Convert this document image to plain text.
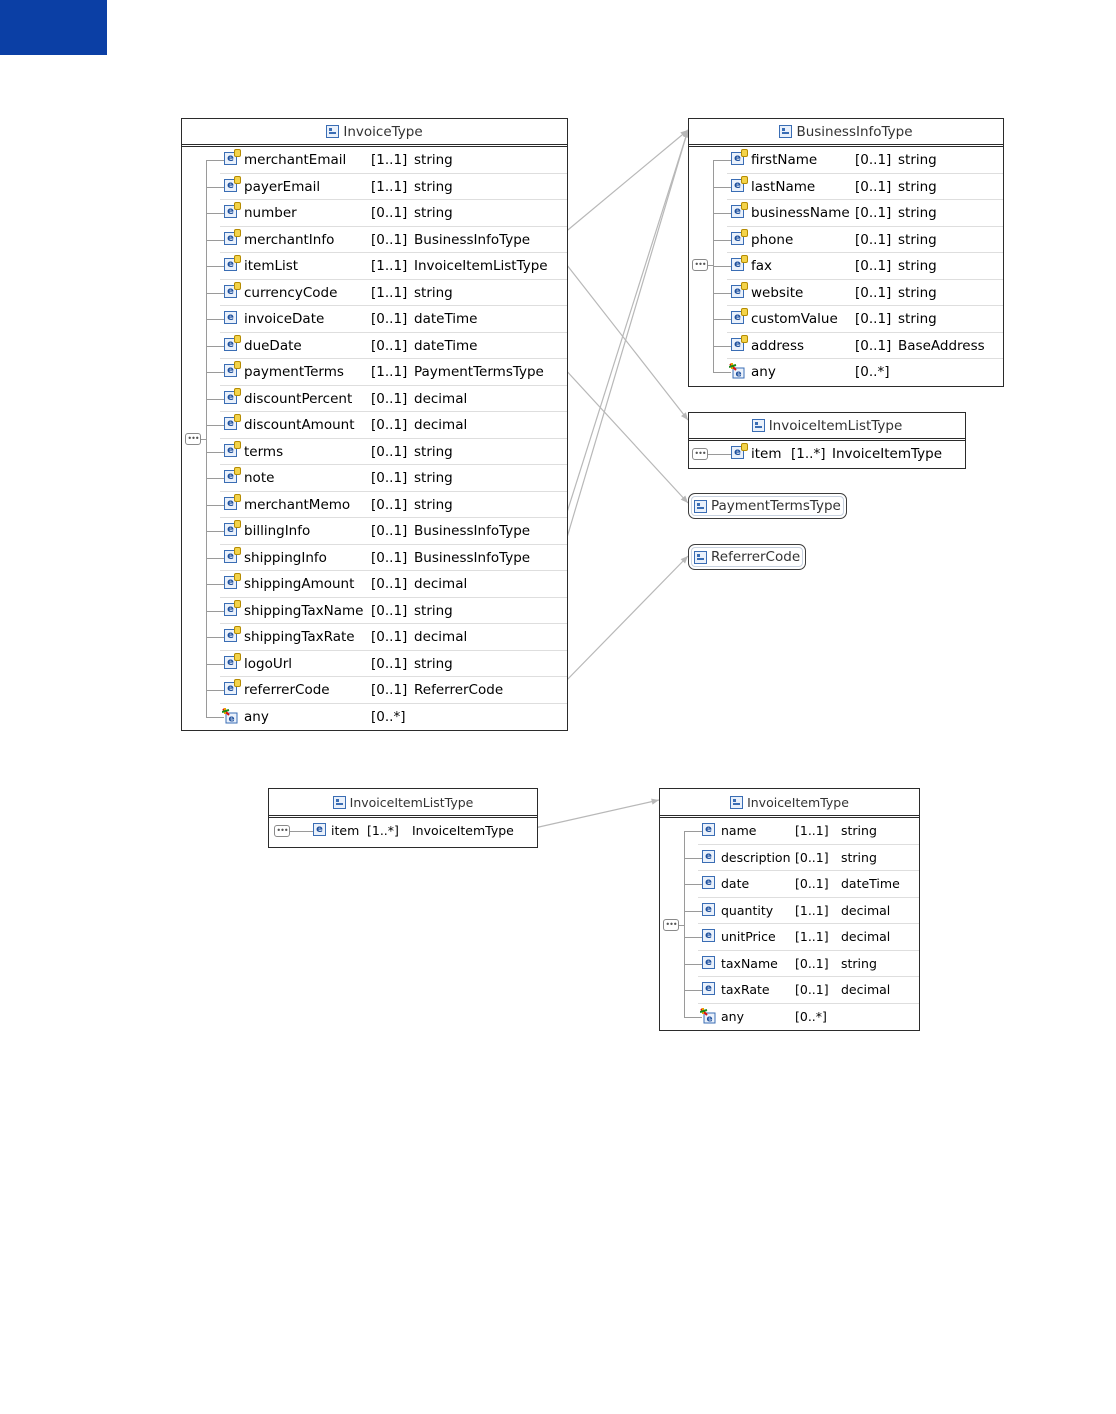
InvoiceType
e merchantEmail [1..1] string
e payerEmail	[1..1] string
e number	[0..1] string
e merchantInfo	[0..1] BusinessInfoType
e itemList	[1..1] InvoiceItemListType
e currencyCode [1..1] string
e invoiceDate	[0..1] dateTime
e dueDate	[0..1] dateTime
e paymentTerms [1..1] PaymentTermsType
e discountPercent [0..1] decimal
e discountAmount [0..1] decimal
e terms	[0..1] string
e note	[0..1] string
e merchantMemo [0..1] string
e billingInfo	[0..1] BusinessInfoType
e shippingInfo	[0..1] BusinessInfoType
e shippingAmount [0..1] decimal
e shippingTaxName [0..1] string
e shippingTaxRate [0..1] decimal
e logoUrl	[0..1] string
e referrerCode	[0..1] ReferrerCode
e any	[0..*]
•••
BusinessInfoType
e firstName	[0..1] string
e lastName	[0..1] string
e businessName [0..1] string
e phone	[0..1] string
e fax	[0..1] string
e website	[0..1] string
e customValue [0..1] string
e address	[0..1] BaseAddress
e any	[0..*]
•••
InvoiceItemListType
e item [1..*] InvoiceItemType
•••
PaymentTermsType
ReferrerCode
InvoiceItemListType
e item [1..*] InvoiceItemType
•••
InvoiceItemType
e name	[1..1] string
e description [0..1] string
e date	[0..1] dateTime
e quantity [1..1] decimal
e unitPrice [1..1] decimal
e taxName [0..1] string
e taxRate [0..1] decimal
e any	[0..*]
•••
